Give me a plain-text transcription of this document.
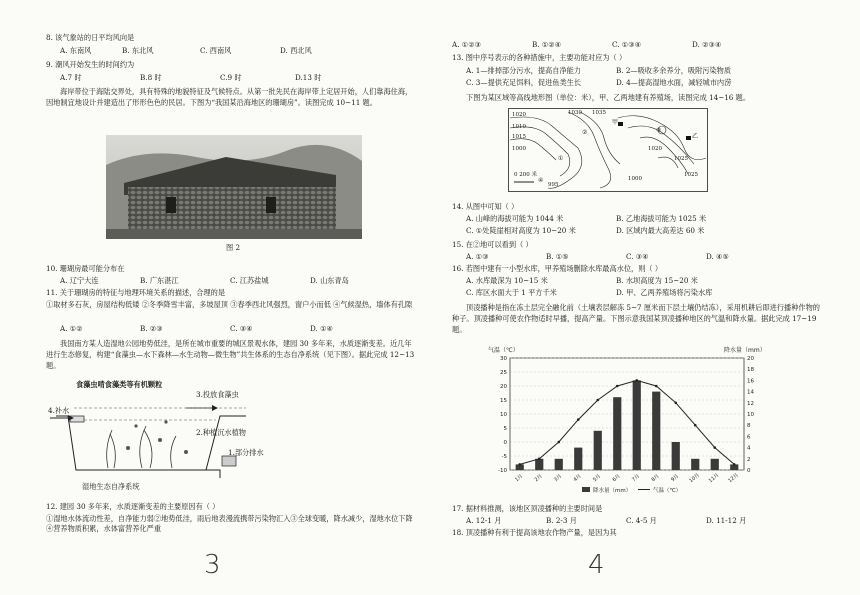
8. 该气象站的日平均风向是
A. 东南风	B. 东北风	C. 西南风	D. 西北风
9. 潮风开始发生的时间约为
A.7 时	B.8 时	C.9 时	D.13 时
海岸带位于海陆交界处，具有特殊的地貌特征及气候特点。从第一批先民在海岸带上定居开始，人们靠海住海，因地制宜地设计并建造出了形形色色的民居。下图为“我国某沿海地区的珊瑚房”。读图完成 10~11 题。
图 2
10. 珊瑚房最可能分布在
A. 辽宁大连	B. 广东湛江	C. 江苏盐城	D. 山东青岛
11. 关于珊瑚房的特征与地理环境关系的描述，合理的是
①取材多石灰，房屋结构低矮 ②冬季降雪丰富，多坡屋顶 ③春季西北风强烈，窗户小而低 ④气候湿热，墙体有孔隙
A. ①②	B. ②③	C. ③④	D. ①④
我国南方某人造湿地公园地势低洼，是所在城市重要的城区景观水体，建园 30 多年来，水质逐渐变差。近几年进行生态修复，构建“食藻虫—水下森林—水生动物—微生物”共生体系的生态自净系统（见下图）。据此完成 12~13 题。
食藻虫啃食藻类等有机颗粒
3.投放食藻虫
4.补水
2.种植沉水植物
1.部分排水
湿地生态自净系统
12. 建园 30 多年来，水质逐渐变差的主要原因有（ ）
①湿地水体流动性差，自净能力弱②地势低洼，雨后地表漫流携带污染物汇入③全球变暖，降水减少，湿地水位下降④营养物质积累，水体富营养化严重
3
A. ①②③	B. ①②④	C. ①③④	D. ②③④
13. 图中序号表示的各种措施中，主要功能对应为（ ）
A. 1—排掉部分污水，提高自净能力	B. 2—吸收多余养分，吸附污染物质
C. 3—提供充足饵料，促进鱼类生长	D. 4—提高湿地水面，减轻城市内涝
下图为某区域等高线地形图（单位：米），甲、乙两地建有养殖场，读图完成 14~16 题。
1020	1030	1035
1010
1015
1000
1025
1020
1025
1000
995
甲
乙
①
②	③
④
0 200 米
14. 从图中可知（ ）
A. 山峰的海拔可能为 1044 米	B. 乙地海拔可能为 1025 米
C. ①处陡崖相对高度为 10~20 米	D. 区域内最大高差达 60 米
15. 在②地可以看到（ ）
A. ①③	B. ①⑤	C. ③④	D. ④⑤
16. 若图中建有一小型水库，甲养殖场删除水库最高水位，则（ ）
A. 水库最深为 10~15 米	B. 水坝高度为 15~20 米
C. 库区水面大于 1 平方千米	D. 甲、乙两养殖场将污染水库
顶凌播种是指在冻土层完全融化前（土壤表层解冻 5~7 厘米而下层土壤仍结冻），采用机耕后即进行播种作物的种子。顶凌播种可使农作物适时早播，提高产量。下图示意我国某顶凌播种地区的气温和降水量。据此完成 17~19 题。
-10
-5
0
5
10
15
20
25
30
0
2
4
6
8
10
12
14
16
18
20
气温（℃）	降水量（mm）
1月 2月 3月 4月 5月 6月 7月 8月 9月 10月 11月 12月
降水量（mm）	气温（℃）
17. 据材料推测，该地区顶凌播种的主要时间是
A. 12-1 月	B. 2-3 月	C. 4-5 月	D. 11-12 月
18. 顶凌播种有利于提高该地农作物产量，是因为其
4
